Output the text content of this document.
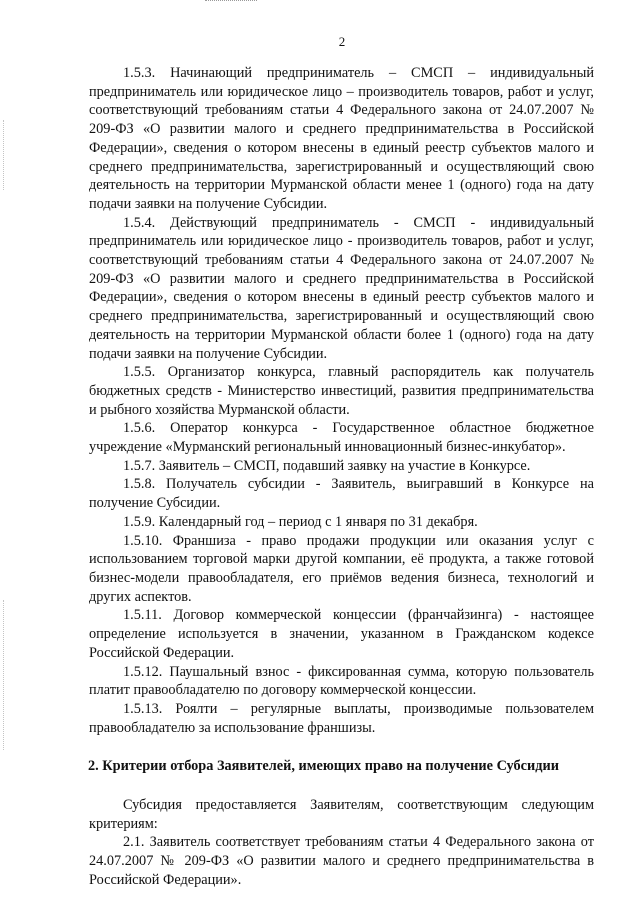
2

1.5.3. Начинающий предприниматель – СМСП – индивидуальный предприниматель или юридическое лицо – производитель товаров, работ и услуг, соответствующий требованиям статьи 4 Федерального закона от 24.07.2007 № 209-ФЗ «О развитии малого и среднего предпринимательства в Российской Федерации», сведения о котором внесены в единый реестр субъектов малого и среднего предпринимательства, зарегистрированный и осуществляющий свою деятельность на территории Мурманской области менее 1 (одного) года на дату подачи заявки на получение Субсидии.

1.5.4. Действующий предприниматель - СМСП - индивидуальный предприниматель или юридическое лицо - производитель товаров, работ и услуг, соответствующий требованиям статьи 4 Федерального закона от 24.07.2007 № 209-ФЗ «О развитии малого и среднего предпринимательства в Российской Федерации», сведения о котором внесены в единый реестр субъектов малого и среднего предпринимательства, зарегистрированный и осуществляющий свою деятельность на территории Мурманской области более 1 (одного) года на дату подачи заявки на получение Субсидии.

1.5.5. Организатор конкурса, главный распорядитель как получатель бюджетных средств - Министерство инвестиций, развития предпринимательства и рыбного хозяйства Мурманской области.

1.5.6. Оператор конкурса - Государственное областное бюджетное учреждение «Мурманский региональный инновационный бизнес-инкубатор».

1.5.7. Заявитель – СМСП, подавший заявку на участие в Конкурсе.

1.5.8. Получатель субсидии - Заявитель, выигравший в Конкурсе на получение Субсидии.

1.5.9. Календарный год – период с 1 января по 31 декабря.

1.5.10. Франшиза - право продажи продукции или оказания услуг с использованием торговой марки другой компании, её продукта, а также готовой бизнес-модели правообладателя, его приёмов ведения бизнеса, технологий и других аспектов.

1.5.11. Договор коммерческой концессии (франчайзинга) - настоящее определение используется в значении, указанном в Гражданском кодексе Российской Федерации.

1.5.12. Паушальный взнос - фиксированная сумма, которую пользователь платит правообладателю по договору коммерческой концессии.

1.5.13. Роялти – регулярные выплаты, производимые пользователем правообладателю за использование франшизы.

2. Критерии отбора Заявителей, имеющих право на получение Субсидии

Субсидия предоставляется Заявителям, соответствующим следующим критериям:

2.1. Заявитель соответствует требованиям статьи 4 Федерального закона от 24.07.2007 № 209-ФЗ «О развитии малого и среднего предпринимательства в Российской Федерации».
